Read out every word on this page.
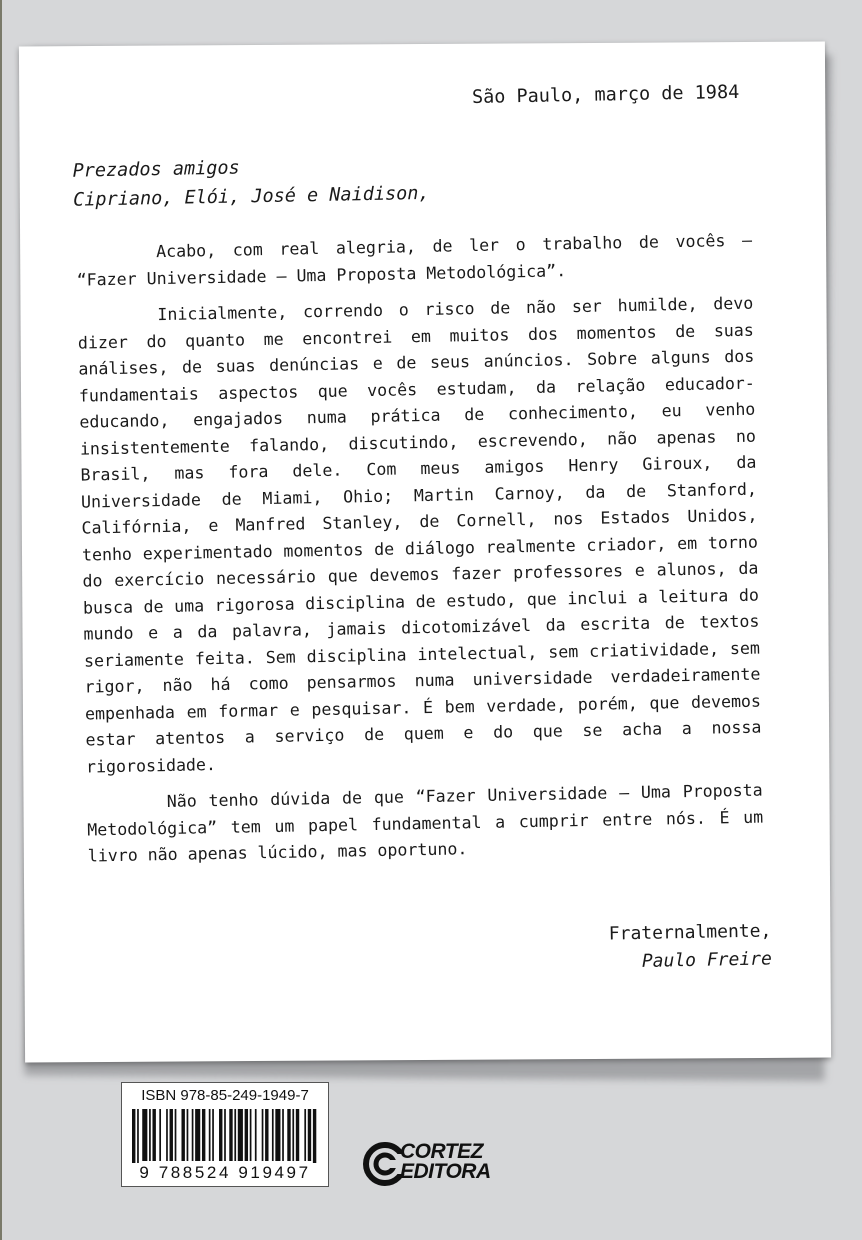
São Paulo, março de 1984
Prezados amigos
Cipriano, Elói, José e Naidison,

Acabo, com real alegria, de ler o trabalho de vocês — “Fazer Universidade — Uma Proposta Metodológica”.

Inicialmente, correndo o risco de não ser humilde, devo dizer do quanto me encontrei em muitos dos momentos de suas análises, de suas denúncias e de seus anúncios. Sobre alguns dos fundamentais aspectos que vocês estudam, da relação educador-educando, engajados numa prática de conhecimento, eu venho insistentemente falando, discutindo, escrevendo, não apenas no Brasil, mas fora dele. Com meus amigos Henry Giroux, da Universidade de Miami, Ohio; Martin Carnoy, da de Stanford, Califórnia, e Manfred Stanley, de Cornell, nos Estados Unidos, tenho experimentado momentos de diálogo realmente criador, em torno do exercício necessário que devemos fazer professores e alunos, da busca de uma rigorosa disciplina de estudo, que inclui a leitura do mundo e a da palavra, jamais dicotomizável da escrita de textos seriamente feita. Sem disciplina intelectual, sem criatividade, sem rigor, não há como pensarmos numa universidade verdadeiramente empenhada em formar e pesquisar. É bem verdade, porém, que devemos estar atentos a serviço de quem e do que se acha a nossa rigorosidade.

Não tenho dúvida de que “Fazer Universidade — Uma Proposta Metodológica” tem um papel fundamental a cumprir entre nós. É um livro não apenas lúcido, mas oportuno.

Fraternalmente,
Paulo Freire
ISBN 978-85-249-1949-7
9 788524 919497
CORTEZ
EDITORA
